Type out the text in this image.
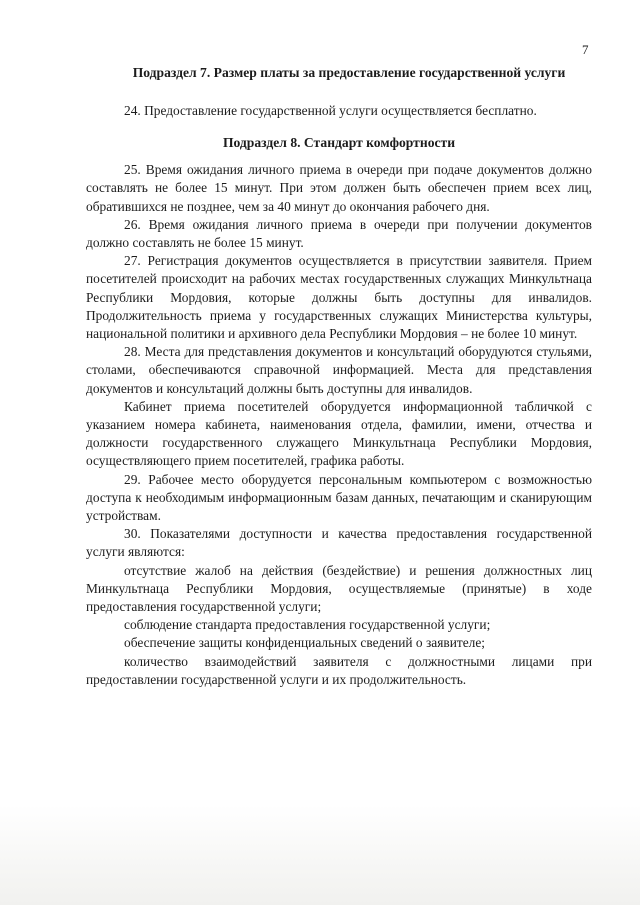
7
Подраздел 7. Размер платы за предоставление государственной услуги

24. Предоставление государственной услуги осуществляется бесплатно.

Подраздел 8. Стандарт комфортности

25. Время ожидания личного приема в очереди при подаче документов должно составлять не более 15 минут. При этом должен быть обеспечен прием всех лиц, обратившихся не позднее, чем за 40 минут до окончания рабочего дня.

26. Время ожидания личного приема в очереди при получении документов должно составлять не более 15 минут.

27. Регистрация документов осуществляется в присутствии заявителя. Прием посетителей происходит на рабочих местах государственных служащих Минкультнаца Республики Мордовия, которые должны быть доступны для инвалидов. Продолжительность приема у государственных служащих Министерства культуры, национальной политики и архивного дела Республики Мордовия – не более 10 минут.

28. Места для представления документов и консультаций оборудуются стульями, столами, обеспечиваются справочной информацией. Места для представления документов и консультаций должны быть доступны для инвалидов.

Кабинет приема посетителей оборудуется информационной табличкой с указанием номера кабинета, наименования отдела, фамилии, имени, отчества и должности государственного служащего Минкультнаца Республики Мордовия, осуществляющего прием посетителей, графика работы.

29. Рабочее место оборудуется персональным компьютером с возможностью доступа к необходимым информационным базам данных, печатающим и сканирующим устройствам.

30. Показателями доступности и качества предоставления государственной услуги являются:

отсутствие жалоб на действия (бездействие) и решения должностных лиц Минкультнаца Республики Мордовия, осуществляемые (принятые) в ходе предоставления государственной услуги;

соблюдение стандарта предоставления государственной услуги;

обеспечение защиты конфиденциальных сведений о заявителе;

количество взаимодействий заявителя с должностными лицами при предоставлении государственной услуги и их продолжительность.
